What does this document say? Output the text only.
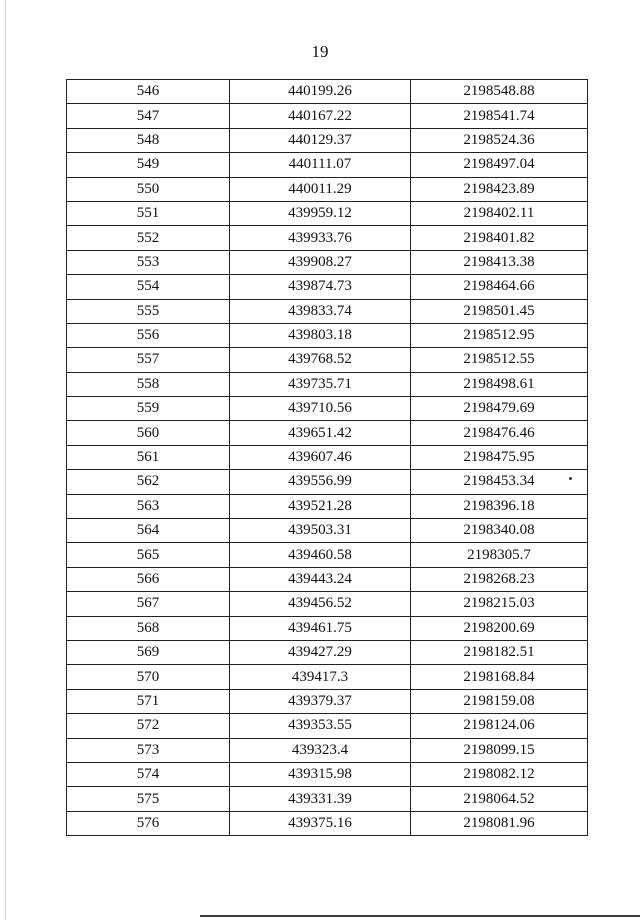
19
546	440199.26	2198548.88
547	440167.22	2198541.74
548	440129.37	2198524.36
549	440111.07	2198497.04
550	440011.29	2198423.89
551	439959.12	2198402.11
552	439933.76	2198401.82
553	439908.27	2198413.38
554	439874.73	2198464.66
555	439833.74	2198501.45
556	439803.18	2198512.95
557	439768.52	2198512.55
558	439735.71	2198498.61
559	439710.56	2198479.69
560	439651.42	2198476.46
561	439607.46	2198475.95
562	439556.99	2198453.34
563	439521.28	2198396.18
564	439503.31	2198340.08
565	439460.58	2198305.7
566	439443.24	2198268.23
567	439456.52	2198215.03
568	439461.75	2198200.69
569	439427.29	2198182.51
570	439417.3	2198168.84
571	439379.37	2198159.08
572	439353.55	2198124.06
573	439323.4	2198099.15
574	439315.98	2198082.12
575	439331.39	2198064.52
576	439375.16	2198081.96
